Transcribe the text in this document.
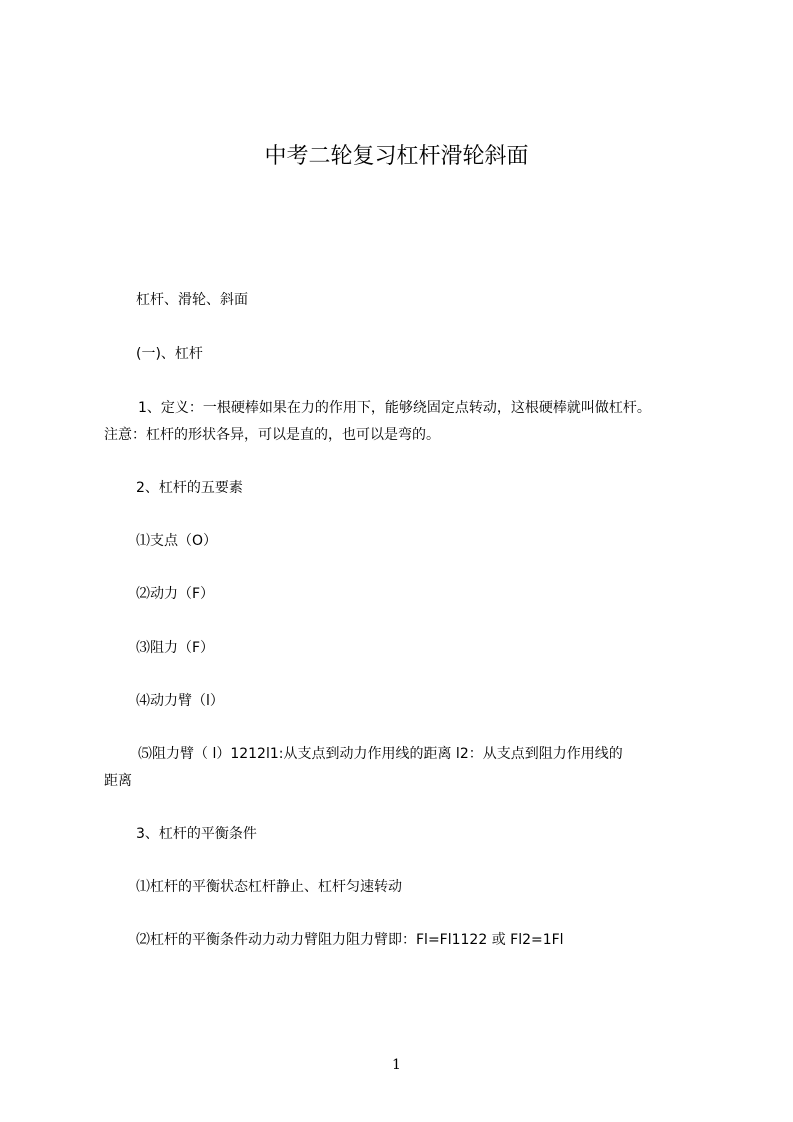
中考二轮复习杠杆滑轮斜面

杠杆、滑轮、斜面

(一)、杠杆

1、定义：一根硬棒如果在力的作用下，能够绕固定点转动，这根硬棒就叫做杠杆。

注意：杠杆的形状各异，可以是直的，也可以是弯的。

2、杠杆的五要素

⑴支点（O）

⑵动力（F）

⑶阻力（F）

⑷动力臂（l）

⑸阻力臂（ l）1212l1:从支点到动力作用线的距离 l2：从支点到阻力作用线的

距离

3、杠杆的平衡条件

⑴杠杆的平衡状态杠杆静止、杠杆匀速转动

⑵杠杆的平衡条件动力动力臂阻力阻力臂即：Fl=Fl1122 或 Fl2=1Fl

1
